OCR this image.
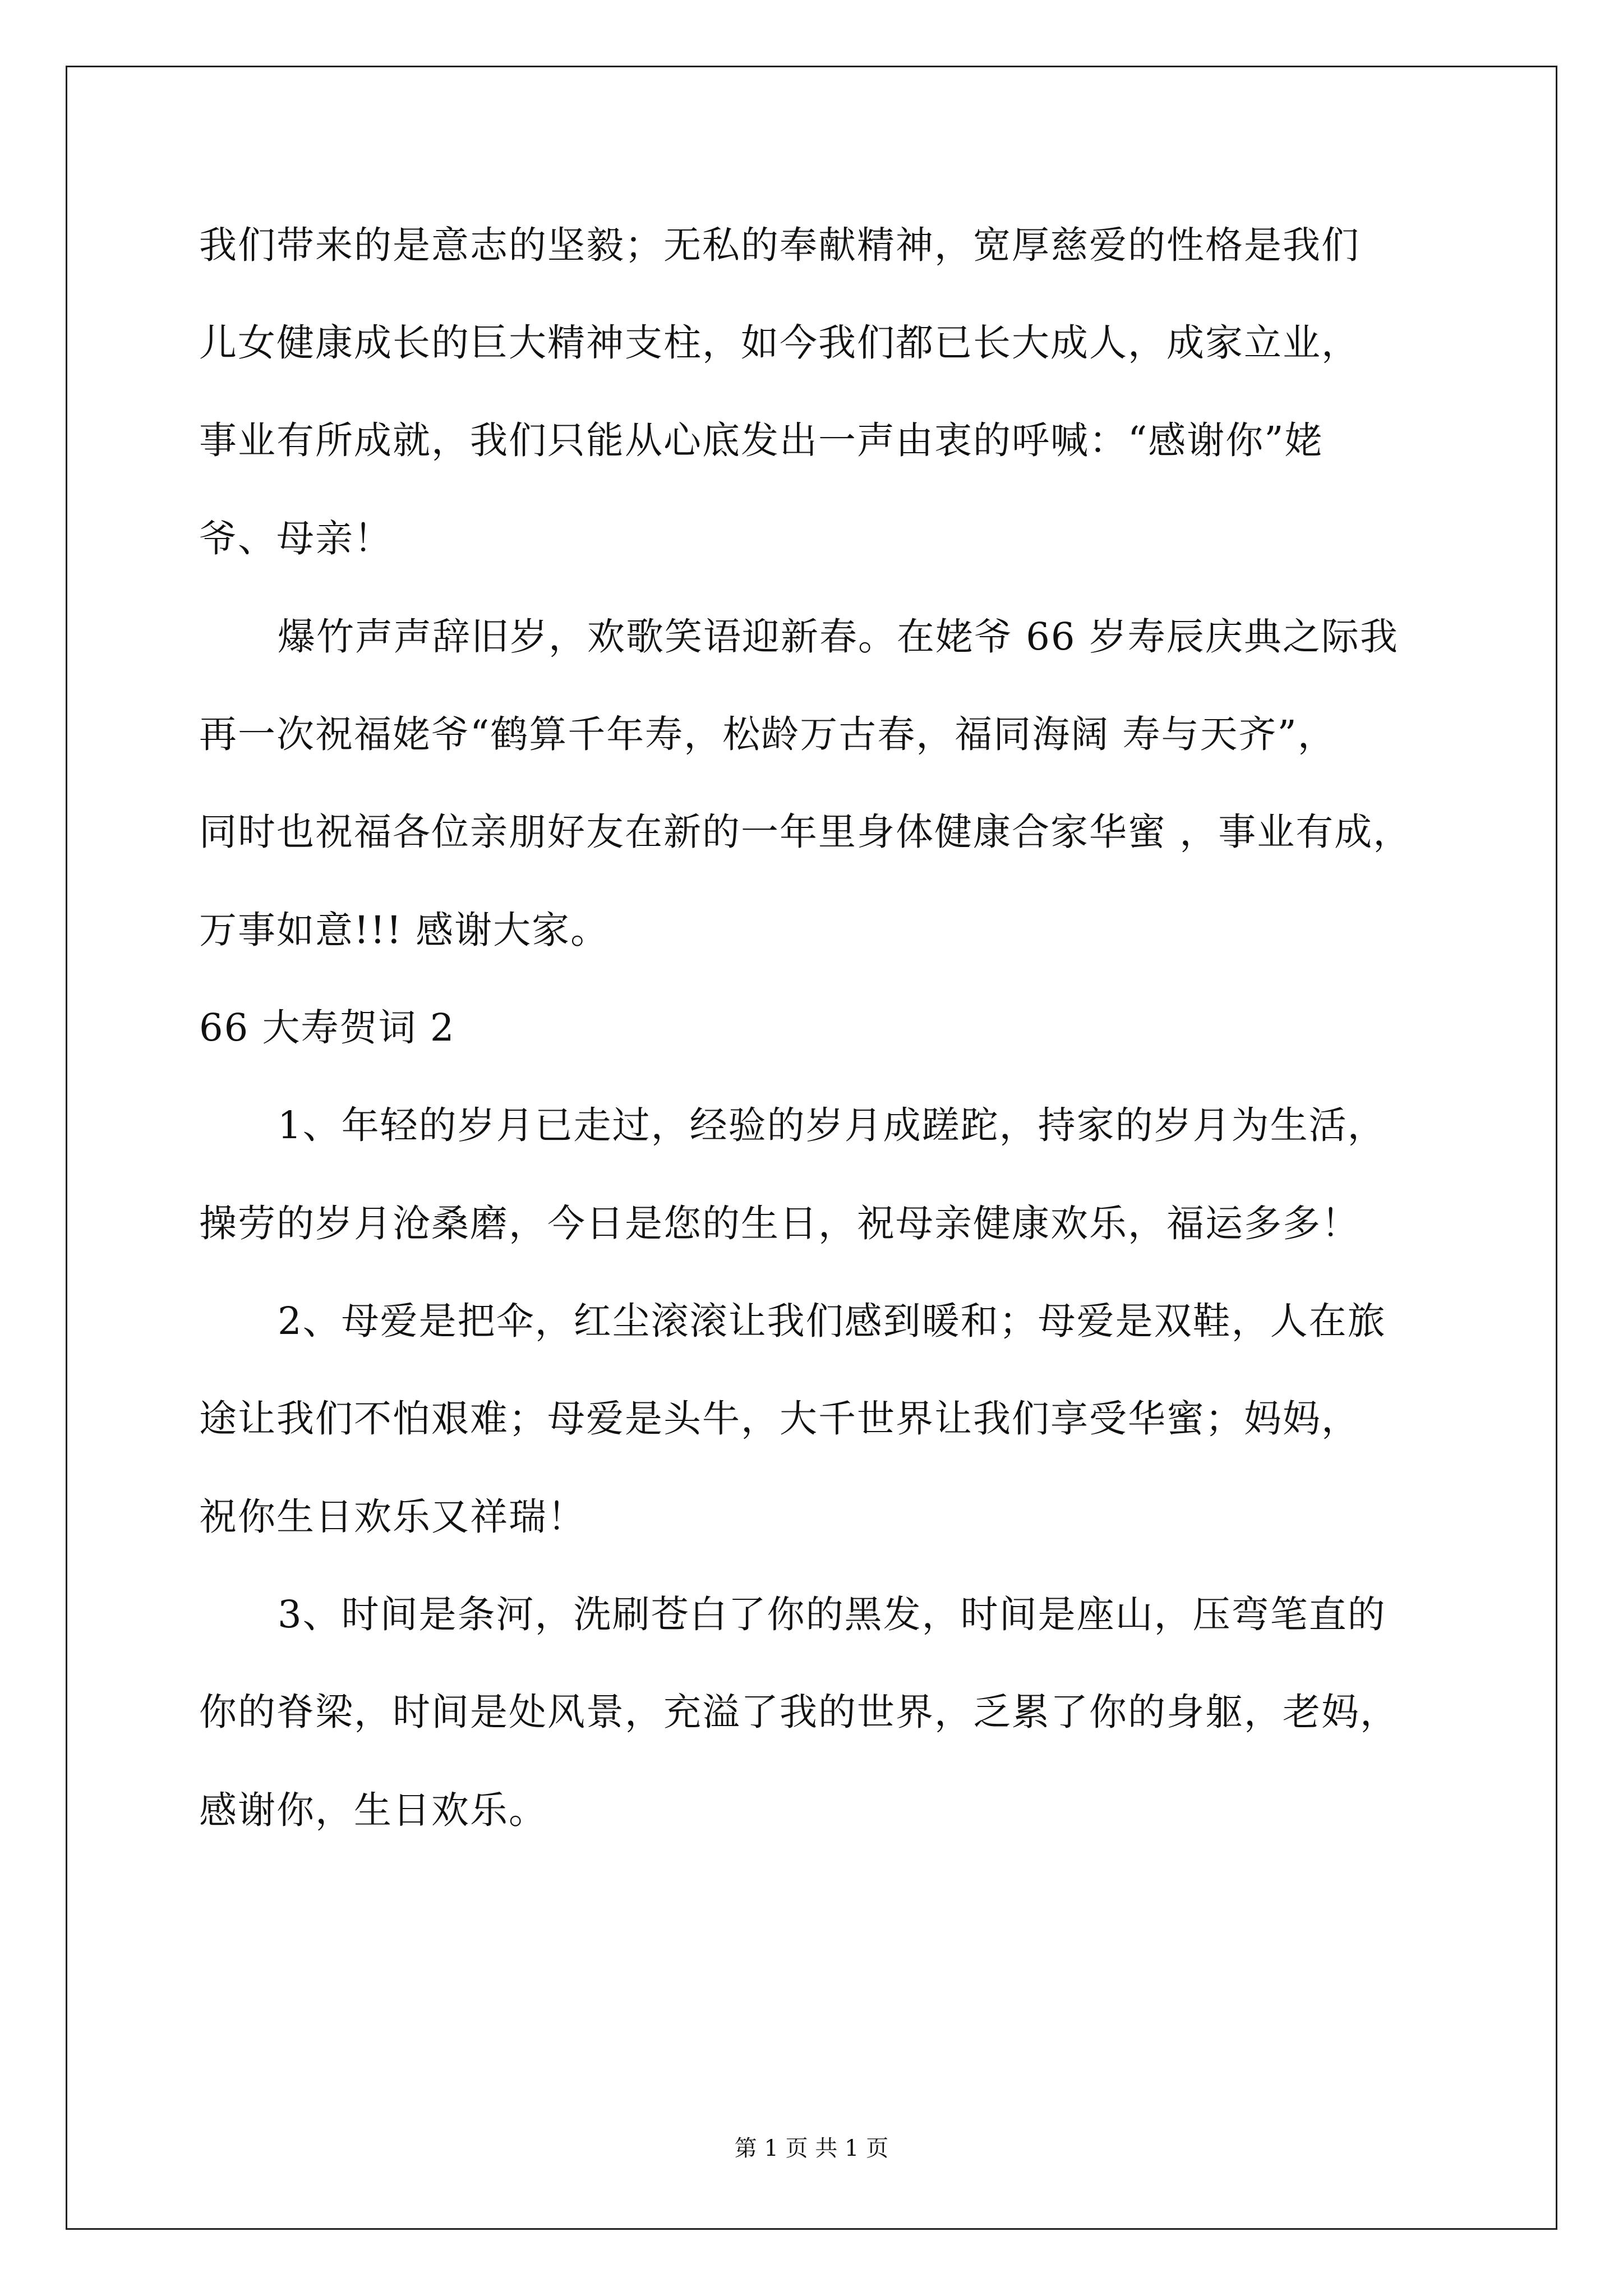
我们带来的是意志的坚毅；无私的奉献精神，宽厚慈爱的性格是我们
儿女健康成长的巨大精神支柱，如今我们都已长大成人，成家立业，
事业有所成就，我们只能从心底发出一声由衷的呼喊：“感谢你”姥
爷、母亲！
爆竹声声辞旧岁，欢歌笑语迎新春。在姥爷 66 岁寿辰庆典之际我
再一次祝福姥爷“鹤算千年寿，松龄万古春，福同海阔 寿与天齐”，
同时也祝福各位亲朋好友在新的一年里身体健康合家华蜜 ，事业有成，
万事如意!!! 感谢大家。
66 大寿贺词 2
1、年轻的岁月已走过，经验的岁月成蹉跎，持家的岁月为生活，
操劳的岁月沧桑磨，今日是您的生日，祝母亲健康欢乐，福运多多！
2、母爱是把伞，红尘滚滚让我们感到暖和；母爱是双鞋，人在旅
途让我们不怕艰难；母爱是头牛，大千世界让我们享受华蜜；妈妈，
祝你生日欢乐又祥瑞！
3、时间是条河，洗刷苍白了你的黑发，时间是座山，压弯笔直的
你的脊梁，时间是处风景，充溢了我的世界，乏累了你的身躯，老妈，
感谢你，生日欢乐。
第 1 页 共 1 页
